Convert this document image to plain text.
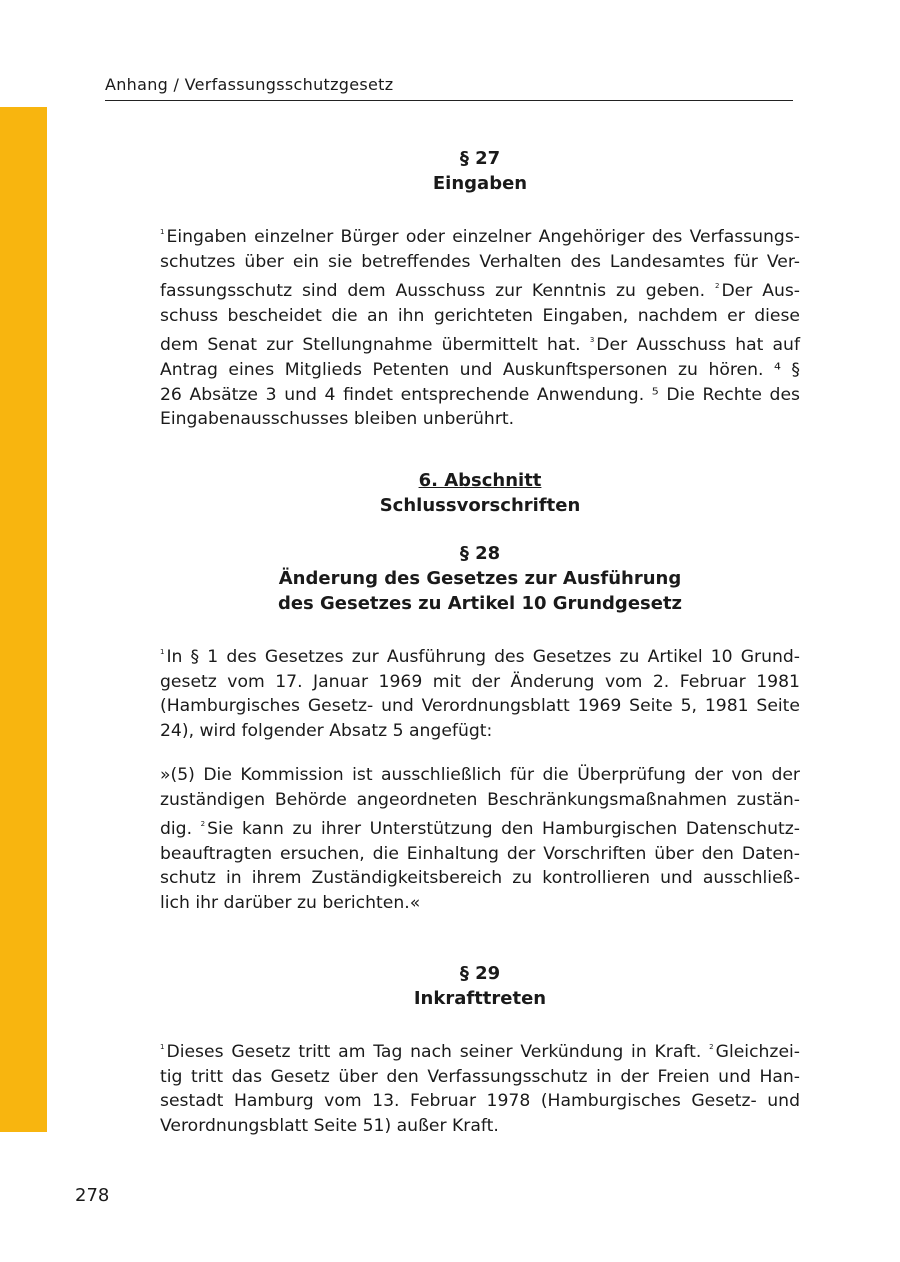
Anhang / Verfassungsschutzgesetz
§ 27
Eingaben
$^1$ Eingaben einzelner Bürger oder einzelner Angehöriger des Verfassungs-
schutzes über ein sie betreffendes Verhalten des Landesamtes für Ver-
fassungsschutz sind dem Ausschuss zur Kenntnis zu geben. $^2$ Der Aus-
schuss bescheidet die an ihn gerichteten Eingaben, nachdem er diese
dem Senat zur Stellungnahme übermittelt hat. $^3$ Der Ausschuss hat auf
Antrag eines Mitglieds Petenten und Auskunftspersonen zu hören. ⁴ §
26 Absätze 3 und 4 findet entsprechende Anwendung. ⁵ Die Rechte des
Eingabenausschusses bleiben unberührt.
6. Abschnitt
Schlussvorschriften
§ 28
Änderung des Gesetzes zur Ausführung
des Gesetzes zu Artikel 10 Grundgesetz
$^1$ In § 1 des Gesetzes zur Ausführung des Gesetzes zu Artikel 10 Grund-
gesetz vom 17. Januar 1969 mit der Änderung vom 2. Februar 1981
(Hamburgisches Gesetz- und Verordnungsblatt 1969 Seite 5, 1981 Seite
24), wird folgender Absatz 5 angefügt:
»(5) Die Kommission ist ausschließlich für die Überprüfung der von der
zuständigen Behörde angeordneten Beschränkungsmaßnahmen zustän-
dig. $^2$ Sie kann zu ihrer Unterstützung den Hamburgischen Datenschutz-
beauftragten ersuchen, die Einhaltung der Vorschriften über den Daten-
schutz in ihrem Zuständigkeitsbereich zu kontrollieren und ausschließ-
lich ihr darüber zu berichten.«
§ 29
Inkrafttreten
$^1$ Dieses Gesetz tritt am Tag nach seiner Verkündung in Kraft. $^2$ Gleichzei-
tig tritt das Gesetz über den Verfassungsschutz in der Freien und Han-
sestadt Hamburg vom 13. Februar 1978 (Hamburgisches Gesetz- und
Verordnungsblatt Seite 51) außer Kraft.
278
